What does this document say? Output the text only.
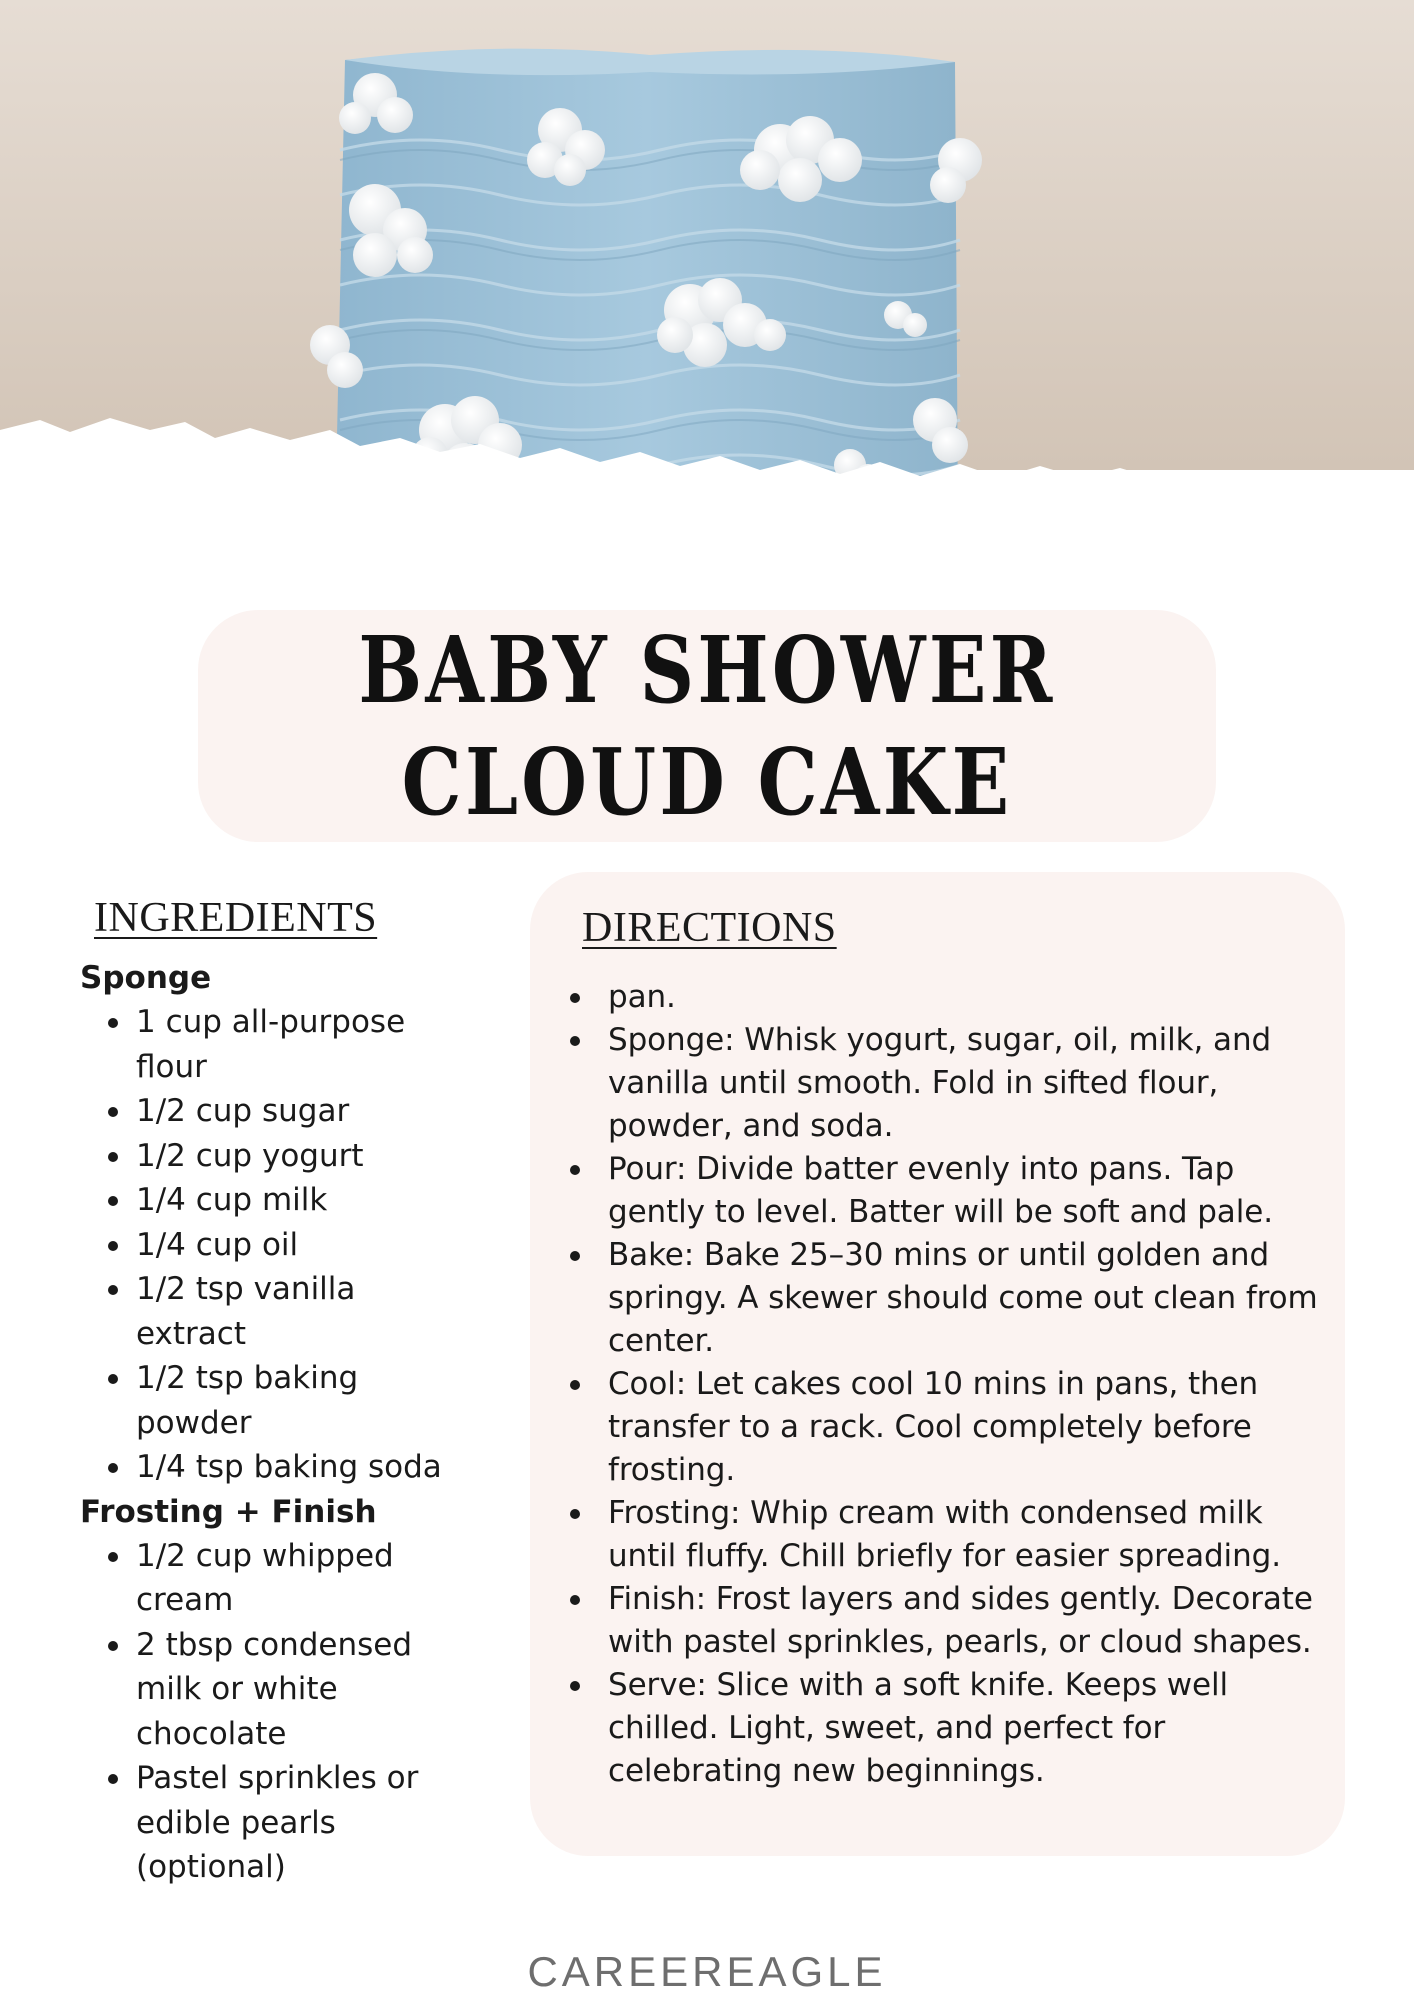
BABY SHOWER CLOUD CAKE
INGREDIENTS
Sponge
1 cup all-purpose flour
1/2 cup sugar
1/2 cup yogurt
1/4 cup milk
1/4 cup oil
1/2 tsp vanilla extract
1/2 tsp baking powder
1/4 tsp baking soda
Frosting + Finish
1/2 cup whipped cream
2 tbsp condensed milk or white chocolate
Pastel sprinkles or edible pearls (optional)
DIRECTIONS
pan.
Sponge: Whisk yogurt, sugar, oil, milk, and vanilla until smooth. Fold in sifted flour, powder, and soda.
Pour: Divide batter evenly into pans. Tap gently to level. Batter will be soft and pale.
Bake: Bake 25–30 mins or until golden and springy. A skewer should come out clean from center.
Cool: Let cakes cool 10 mins in pans, then transfer to a rack. Cool completely before frosting.
Frosting: Whip cream with condensed milk until fluffy. Chill briefly for easier spreading.
Finish: Frost layers and sides gently. Decorate with pastel sprinkles, pearls, or cloud shapes.
Serve: Slice with a soft knife. Keeps well chilled. Light, sweet, and perfect for celebrating new beginnings.
CAREEREAGLE
